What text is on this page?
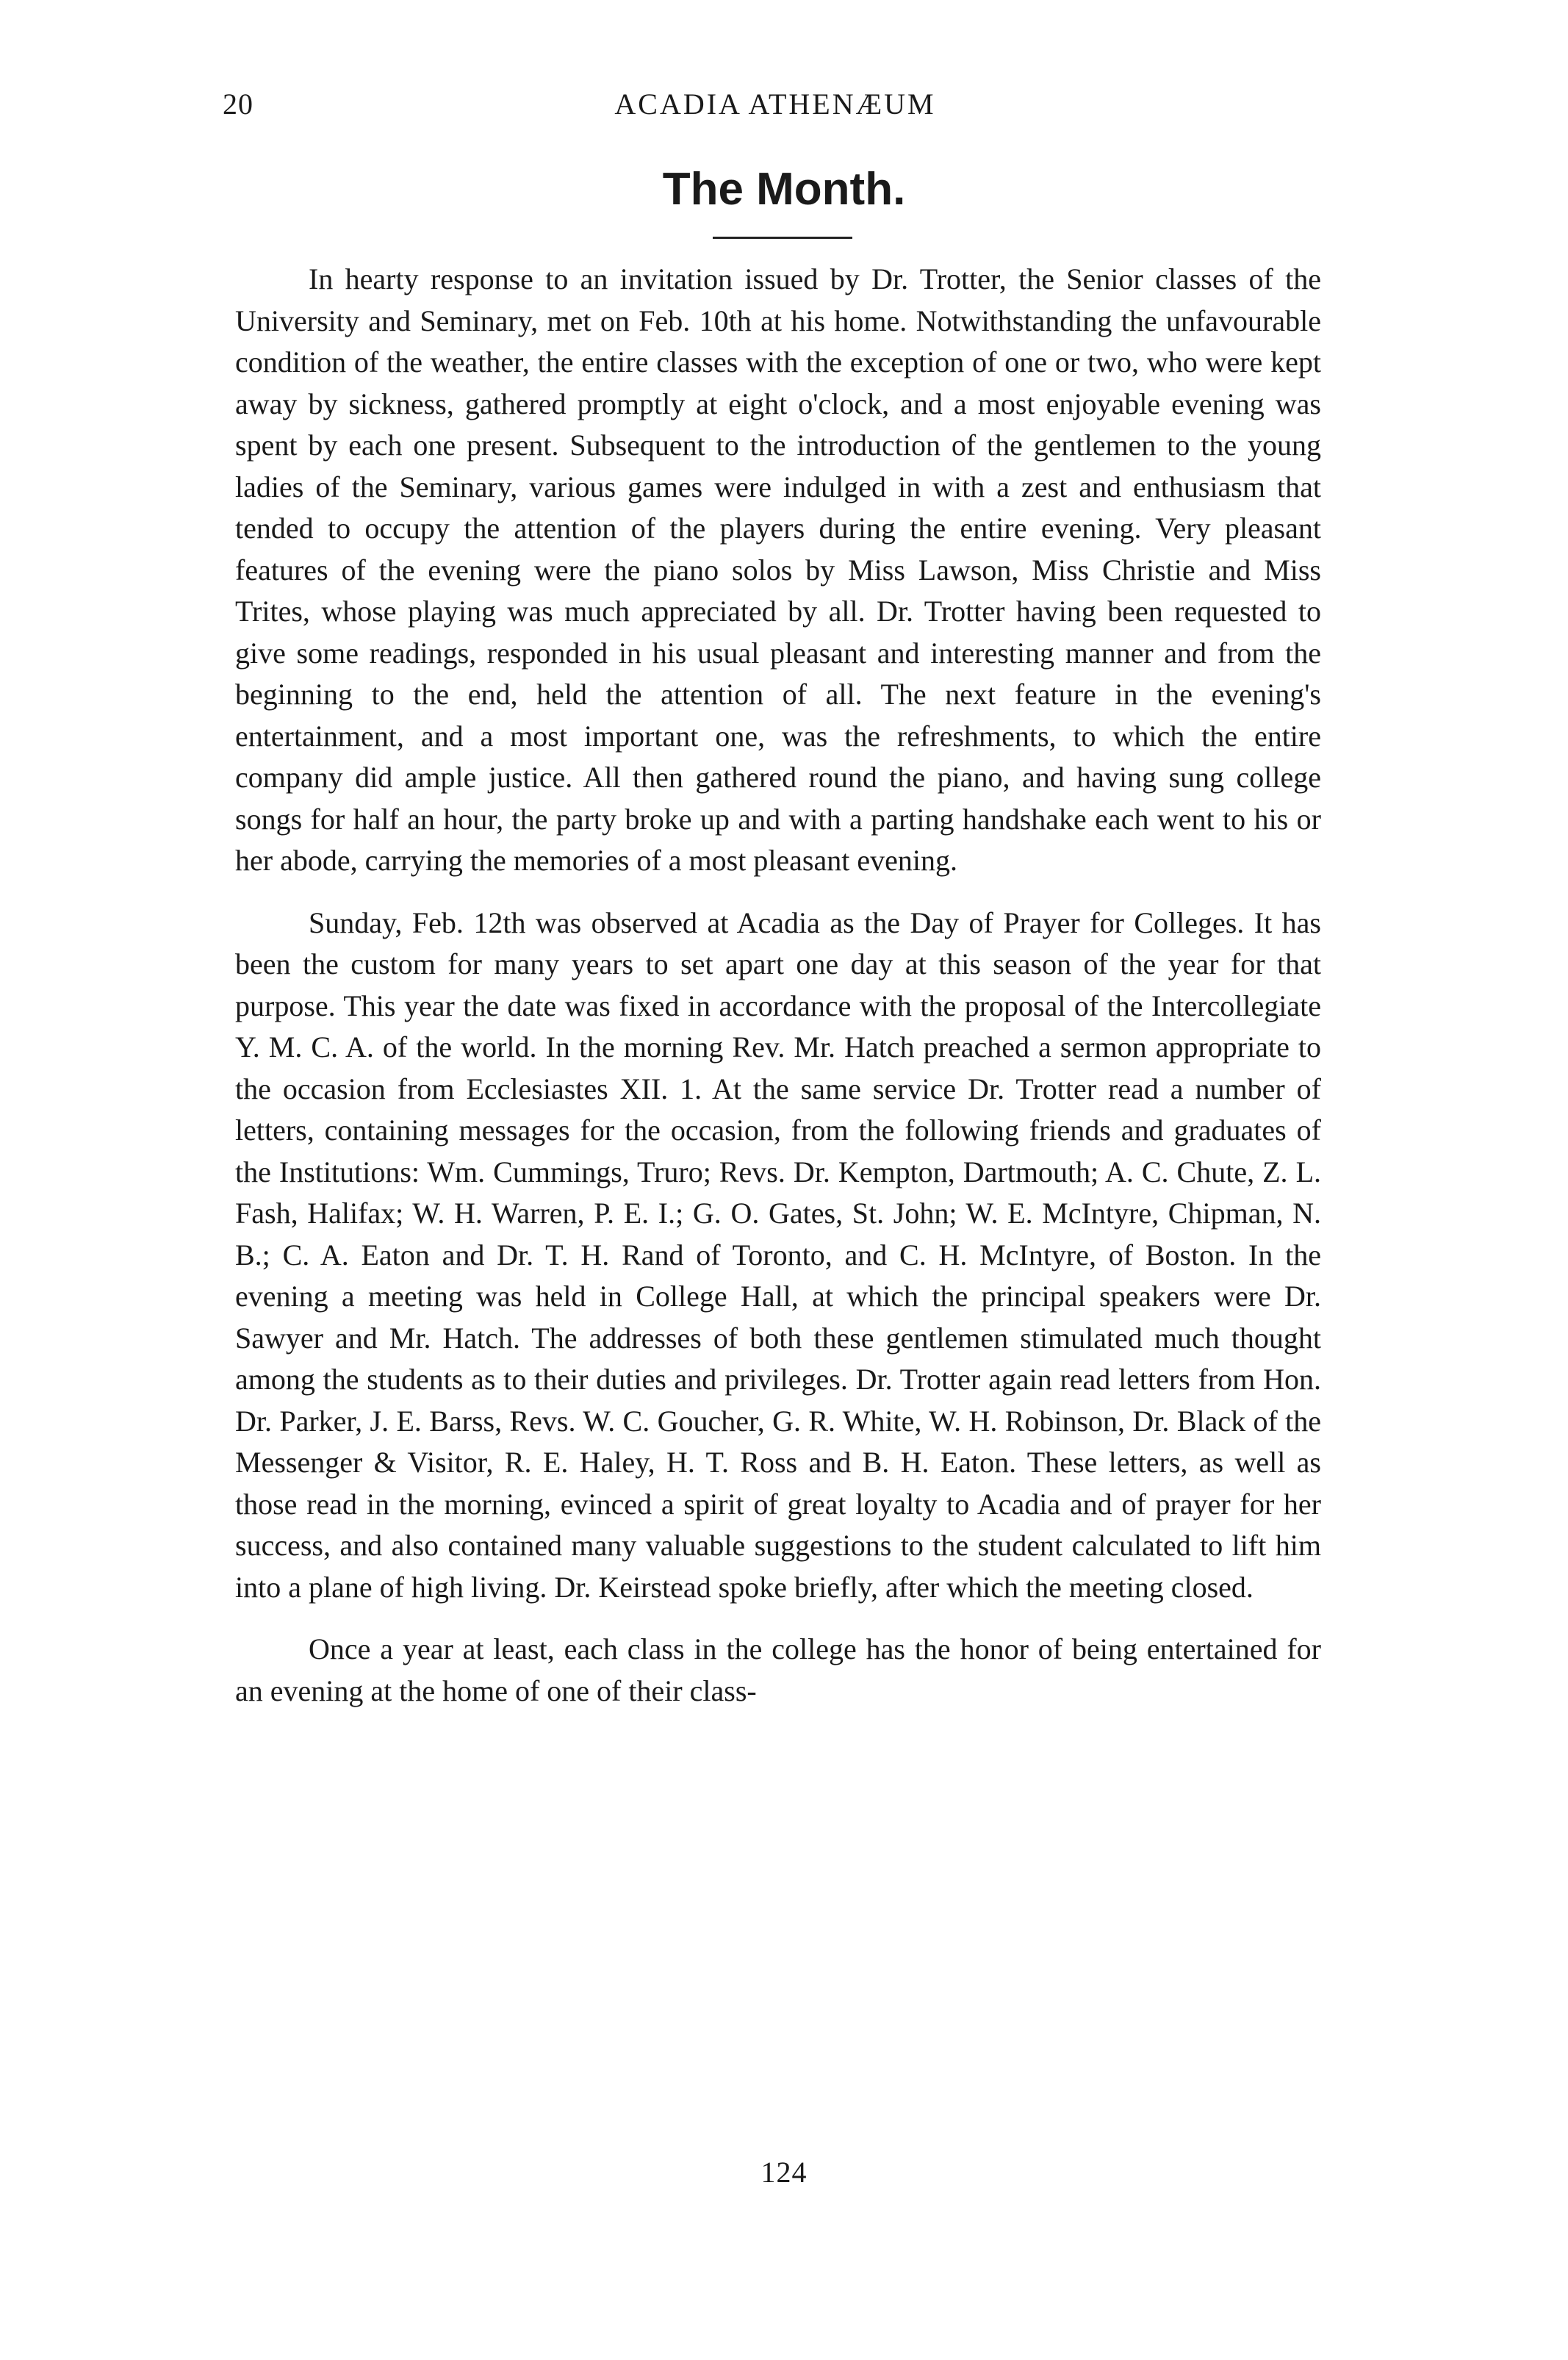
20	ACADIA ATHENÆUM
The Month.

In hearty response to an invitation issued by Dr. Trotter, the Senior classes of the University and Seminary, met on Feb. 10th at his home. Notwithstanding the unfavourable condition of the weather, the entire classes with the exception of one or two, who were kept away by sickness, gathered promptly at eight o'clock, and a most enjoyable evening was spent by each one present. Subsequent to the introduction of the gentlemen to the young ladies of the Seminary, various games were indulged in with a zest and enthusiasm that tended to occupy the attention of the players during the entire evening. Very pleasant features of the evening were the piano solos by Miss Lawson, Miss Christie and Miss Trites, whose playing was much appreciated by all. Dr. Trotter having been requested to give some readings, responded in his usual pleasant and interesting manner and from the beginning to the end, held the attention of all. The next feature in the evening's entertainment, and a most important one, was the refreshments, to which the entire company did ample justice. All then gathered round the piano, and having sung college songs for half an hour, the party broke up and with a parting handshake each went to his or her abode, carrying the memories of a most pleasant evening.

Sunday, Feb. 12th was observed at Acadia as the Day of Prayer for Colleges. It has been the custom for many years to set apart one day at this season of the year for that purpose. This year the date was fixed in accordance with the proposal of the Intercollegiate Y. M. C. A. of the world. In the morning Rev. Mr. Hatch preached a sermon appropriate to the occasion from Ecclesiastes XII. 1. At the same service Dr. Trotter read a number of letters, containing messages for the occasion, from the following friends and graduates of the Institutions: Wm. Cummings, Truro; Revs. Dr. Kempton, Dartmouth; A. C. Chute, Z. L. Fash, Halifax; W. H. Warren, P. E. I.; G. O. Gates, St. John; W. E. McIntyre, Chipman, N. B.; C. A. Eaton and Dr. T. H. Rand of Toronto, and C. H. McIntyre, of Boston. In the evening a meeting was held in College Hall, at which the principal speakers were Dr. Sawyer and Mr. Hatch. The addresses of both these gentlemen stimulated much thought among the students as to their duties and privileges. Dr. Trotter again read letters from Hon. Dr. Parker, J. E. Barss, Revs. W. C. Goucher, G. R. White, W. H. Robinson, Dr. Black of the Messenger & Visitor, R. E. Haley, H. T. Ross and B. H. Eaton. These letters, as well as those read in the morning, evinced a spirit of great loyalty to Acadia and of prayer for her success, and also contained many valuable suggestions to the student calculated to lift him into a plane of high living. Dr. Keirstead spoke briefly, after which the meeting closed.

Once a year at least, each class in the college has the honor of being entertained for an evening at the home of one of their class-

124
